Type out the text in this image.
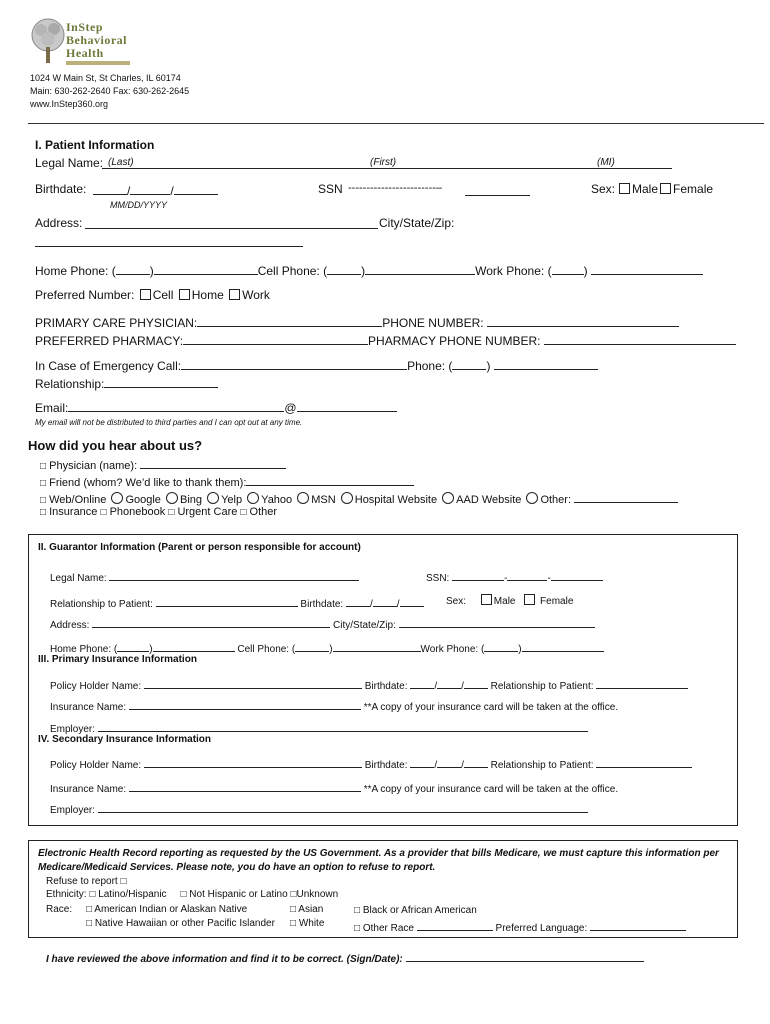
InStep
Behavioral
Health
1024 W Main St, St Charles, IL 60174
Main: 630-262-2640 Fax: 630-262-2645
www.InStep360.org
I. Patient Information
Legal Name: (Last)	(First)	(MI)
Birthdate:	/	/
MM/DD/YYYY
SSN ------------------------–	Sex:	Male Female
Address:	City/State/Zip:
Home Phone: (	)	Cell Phone: (	)	Work Phone: (	)
Preferred Number: Cell Home Work
PRIMARY CARE PHYSICIAN:	PHONE NUMBER:
PREFERRED PHARMACY:	PHARMACY PHONE NUMBER:
In Case of Emergency Call:	Phone: (	)
Relationship:
Email:	@
My email will not be distributed to third parties and I can opt out at any time.
How did you hear about us?
□ Physician (name):
□ Friend (whom? We’d like to thank them):
□ Web/Online Google Bing Yelp Yahoo MSN Hospital Website AAD Website Other:
□ Insurance □ Phonebook □ Urgent Care □ Other
II. Guarantor Information (Parent or person responsible for account)
Legal Name:	SSN:	-	-
Relationship to Patient:	Birthdate:	/ /	Sex:	Male Female
Address:	City/State/Zip:
Home Phone: (	)	Cell Phone: (	)	Work Phone: (	)
III. Primary Insurance Information
Policy Holder Name:	Birthdate:	/ /	Relationship to Patient:
Insurance Name:	**A copy of your insurance card will be taken at the office.
Employer:
IV. Secondary Insurance Information
Policy Holder Name:	Birthdate:	/ /	Relationship to Patient:
Insurance Name:	**A copy of your insurance card will be taken at the office.
Employer:
Electronic Health Record reporting as requested by the US Government. As a provider that bills Medicare, we must capture this information per
Medicare/Medicaid Services. Please note, you do have an option to refuse to report.
Refuse to report □
Ethnicity: □ Latino/Hispanic □ Not Hispanic or Latino □Unknown
Race: □ American Indian or Alaskan Native	□ Asian	□ Black or African American
□ Native Hawaiian or other Pacific Islander □ White	□ Other Race	Preferred Language:
I have reviewed the above information and find it to be correct. (Sign/Date):
